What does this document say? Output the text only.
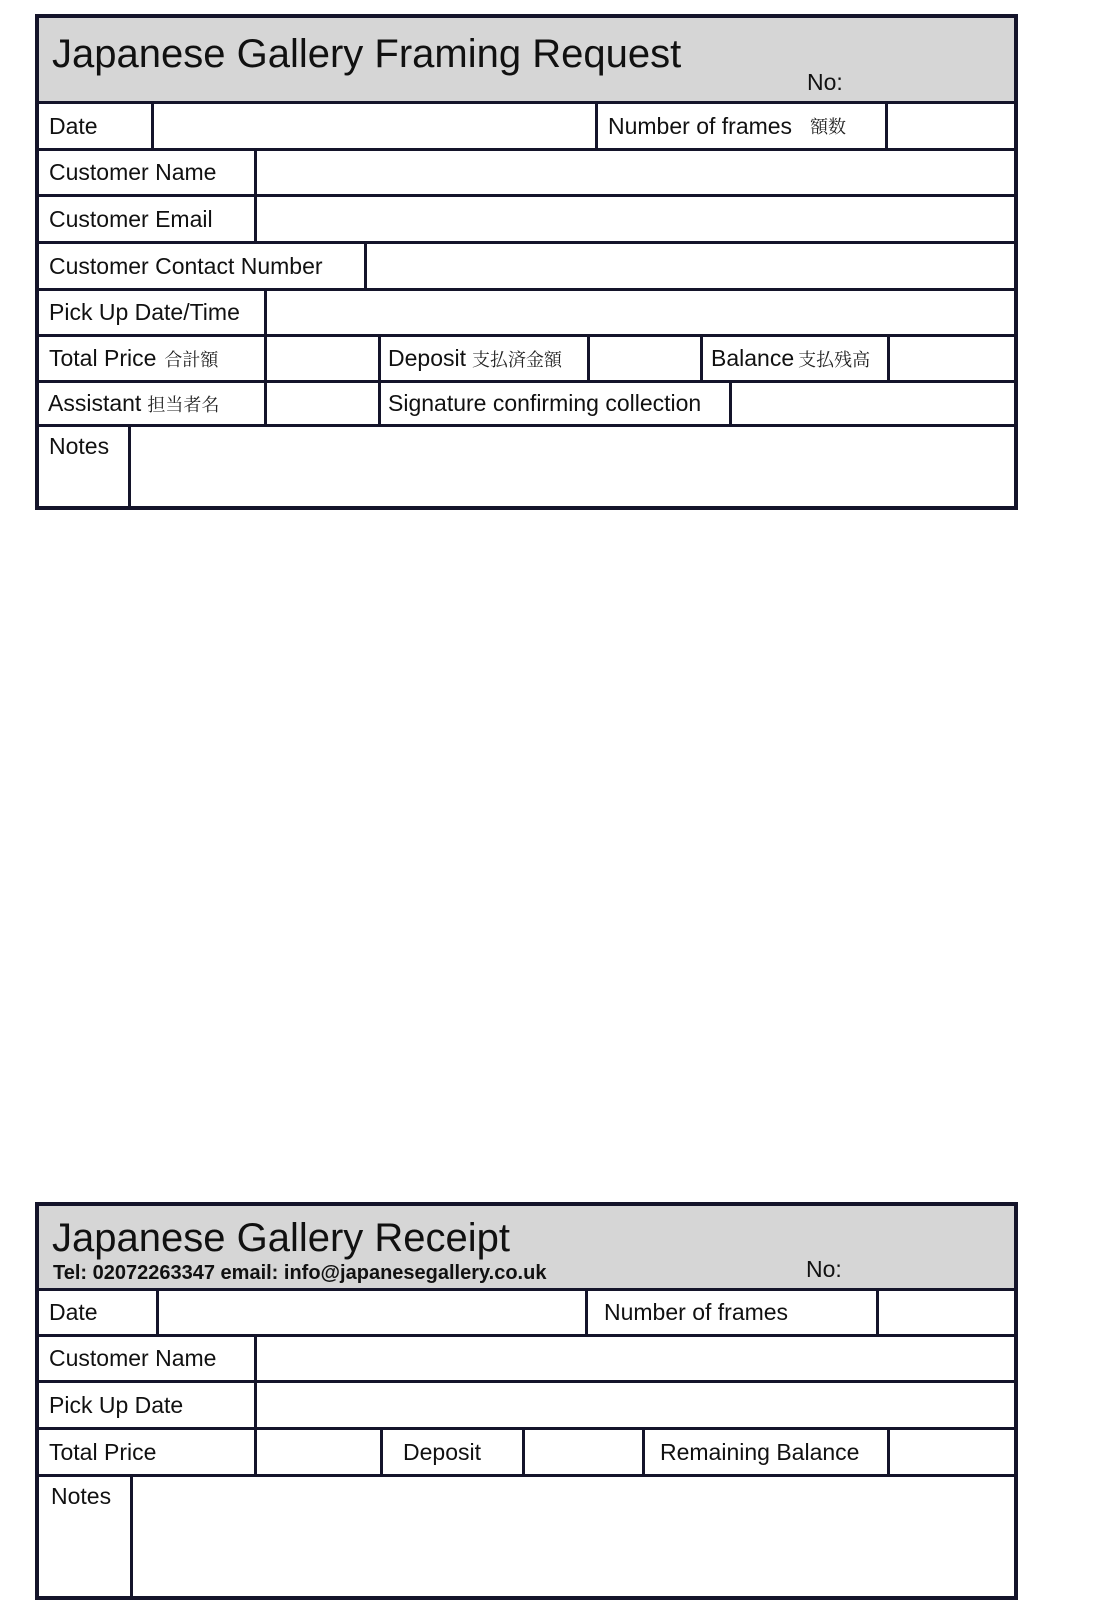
Japanese Gallery Framing Request
No:
Date	Number of frames 額数
Customer Name
Customer Email
Customer Contact Number
Pick Up Date/Time
Total Price 合計額	Deposit 支払済金額	Balance 支払残高
Assistant 担当者名	Signature confirming collection
Notes
Japanese Gallery Receipt
Tel: 02072263347 email: info@japanesegallery.co.uk	No:
Date	Number of frames
Customer Name
Pick Up Date
Total Price	Deposit	Remaining Balance
Notes
